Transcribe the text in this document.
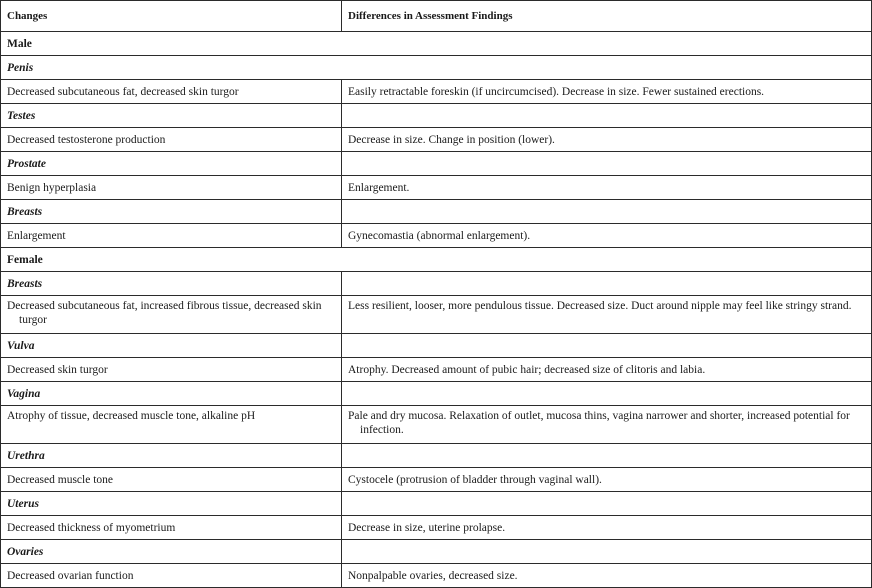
Changes	Differences in Assessment Findings
Male	
Penis	
Decreased subcutaneous fat, decreased skin turgor	Easily retractable foreskin (if uncircumcised). Decrease in size. Fewer sustained erections.
Testes	
Decreased testosterone production	Decrease in size. Change in position (lower).
Prostate	
Benign hyperplasia	Enlargement.
Breasts	
Enlargement	Gynecomastia (abnormal enlargement).
Female	
Breasts	
Decreased subcutaneous fat, increased fibrous tissue, decreased skin turgor	Less resilient, looser, more pendulous tissue. Decreased size. Duct around nipple may feel like stringy strand.
Vulva	
Decreased skin turgor	Atrophy. Decreased amount of pubic hair; decreased size of clitoris and labia.
Vagina	
Atrophy of tissue, decreased muscle tone, alkaline pH	Pale and dry mucosa. Relaxation of outlet, mucosa thins, vagina narrower and shorter, increased potential for infection.
Urethra	
Decreased muscle tone	Cystocele (protrusion of bladder through vaginal wall).
Uterus	
Decreased thickness of myometrium	Decrease in size, uterine prolapse.
Ovaries	
Decreased ovarian function	Nonpalpable ovaries, decreased size.
